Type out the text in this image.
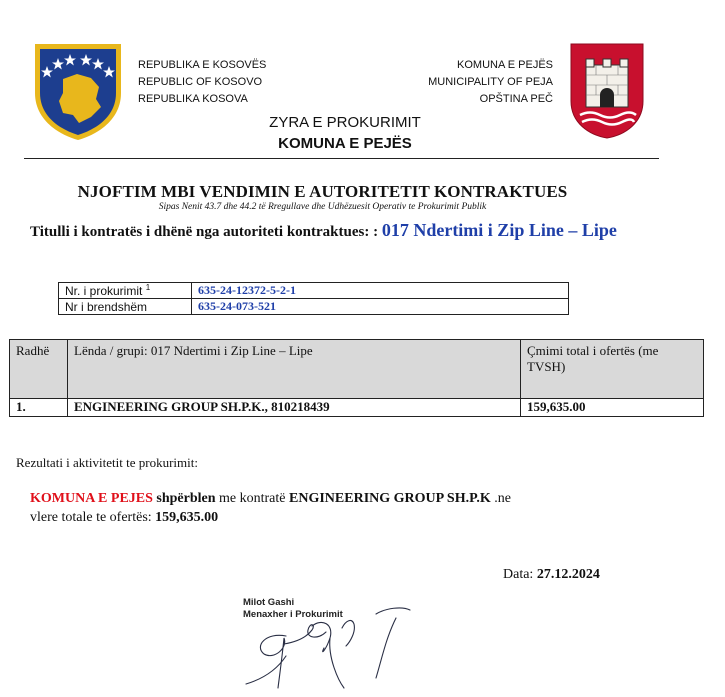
REPUBLIKA E KOSOVËS
REPUBLIC OF KOSOVO
REPUBLIKA KOSOVA
KOMUNA E PEJËS
MUNICIPALITY OF PEJA
OPŠTINA PEČ
ZYRA E PROKURIMIT
KOMUNA E PEJËS
NJOFTIM MBI VENDIMIN E AUTORITETIT KONTRAKTUES
Sipas Nenit 43.7 dhe 44.2 të Rregullave dhe Udhëzuesit Operativ te Prokurimit Publik
Titulli i kontratës i dhënë nga autoriteti kontraktues: : 017 Ndertimi i Zip Line – Lipe
Nr. i prokurimit $^1$	635-24-12372-5-2-1
Nr i brendshëm	635-24-073-521
Radhë	Lënda / grupi: 017 Ndertimi i Zip Line – Lipe	Çmimi total i ofertës (me TVSH)
1.	ENGINEERING GROUP SH.P.K., 810218439	159,635.00
Rezultati i aktivitetit te prokurimit:
KOMUNA E PEJES shpërblen me kontratë ENGINEERING GROUP SH.P.K .ne
vlere totale te ofertës: 159,635.00
Data: 27.12.2024
Milot Gashi
Menaxher i Prokurimit
